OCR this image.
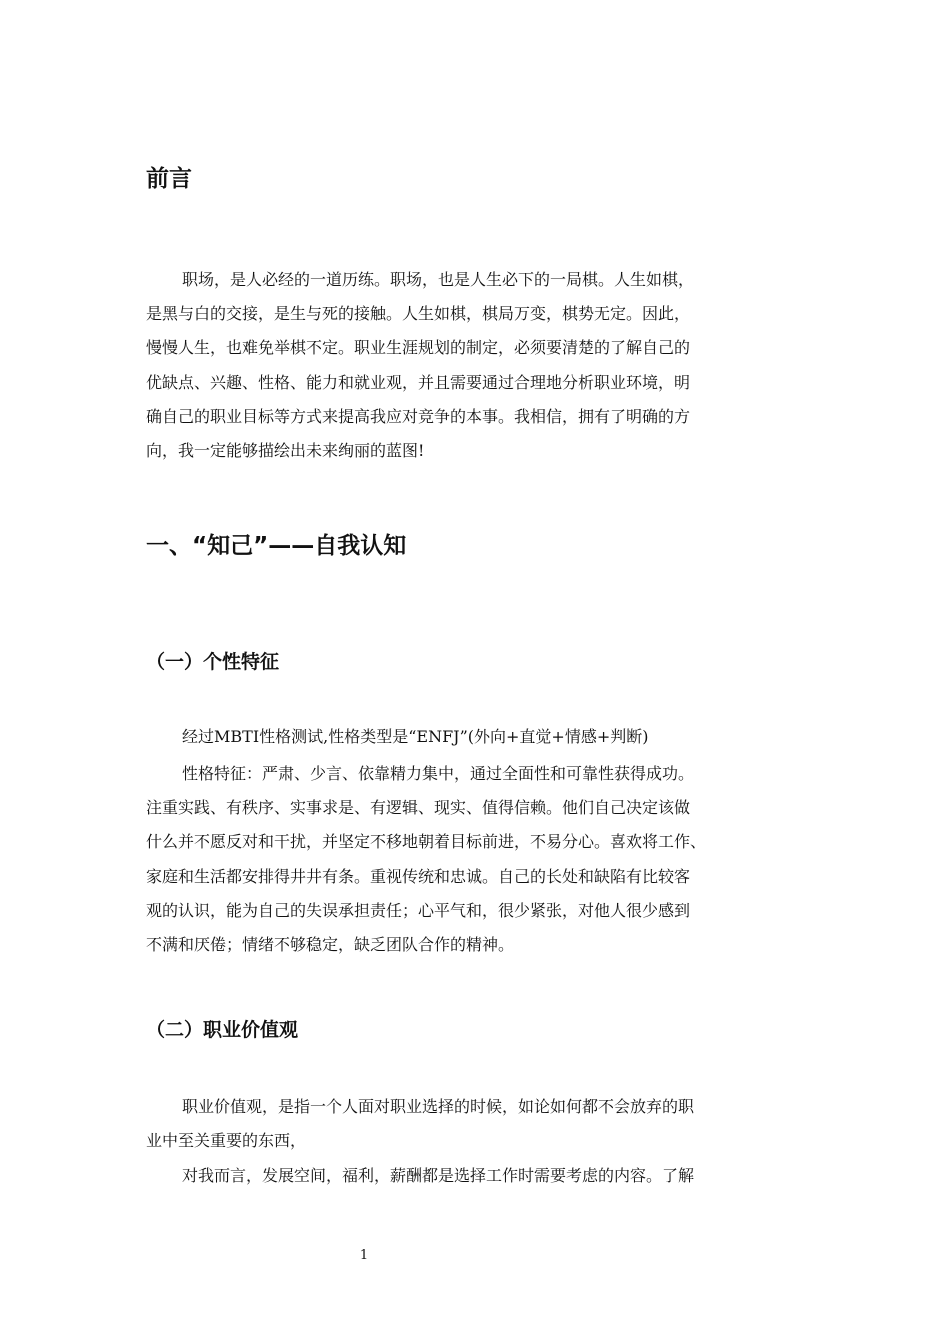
前言
职场，是人必经的一道历练。职场，也是人生必下的一局棋。人生如棋，
是黑与白的交接，是生与死的接触。人生如棋，棋局万变，棋势无定。因此，
慢慢人生，也难免举棋不定。职业生涯规划的制定，必须要清楚的了解自己的
优缺点、兴趣、性格、能力和就业观，并且需要通过合理地分析职业环境，明
确自己的职业目标等方式来提高我应对竞争的本事。我相信，拥有了明确的方
向，我一定能够描绘出未来绚丽的蓝图!
一、“知己”——自我认知
（一）个性特征
经过MBTI性格测试,性格类型是“ENFJ”(外向+直觉+情感+判断)
性格特征：严肃、少言、依靠精力集中，通过全面性和可靠性获得成功。
注重实践、有秩序、实事求是、有逻辑、现实、值得信赖。他们自己决定该做
什么并不愿反对和干扰，并坚定不移地朝着目标前进，不易分心。喜欢将工作、
家庭和生活都安排得井井有条。重视传统和忠诚。自己的长处和缺陷有比较客
观的认识，能为自己的失误承担责任；心平气和，很少紧张，对他人很少感到
不满和厌倦；情绪不够稳定，缺乏团队合作的精神。
（二）职业价值观
职业价值观，是指一个人面对职业选择的时候，如论如何都不会放弃的职
业中至关重要的东西，
对我而言，发展空间，福利，薪酬都是选择工作时需要考虑的内容。了解
1
